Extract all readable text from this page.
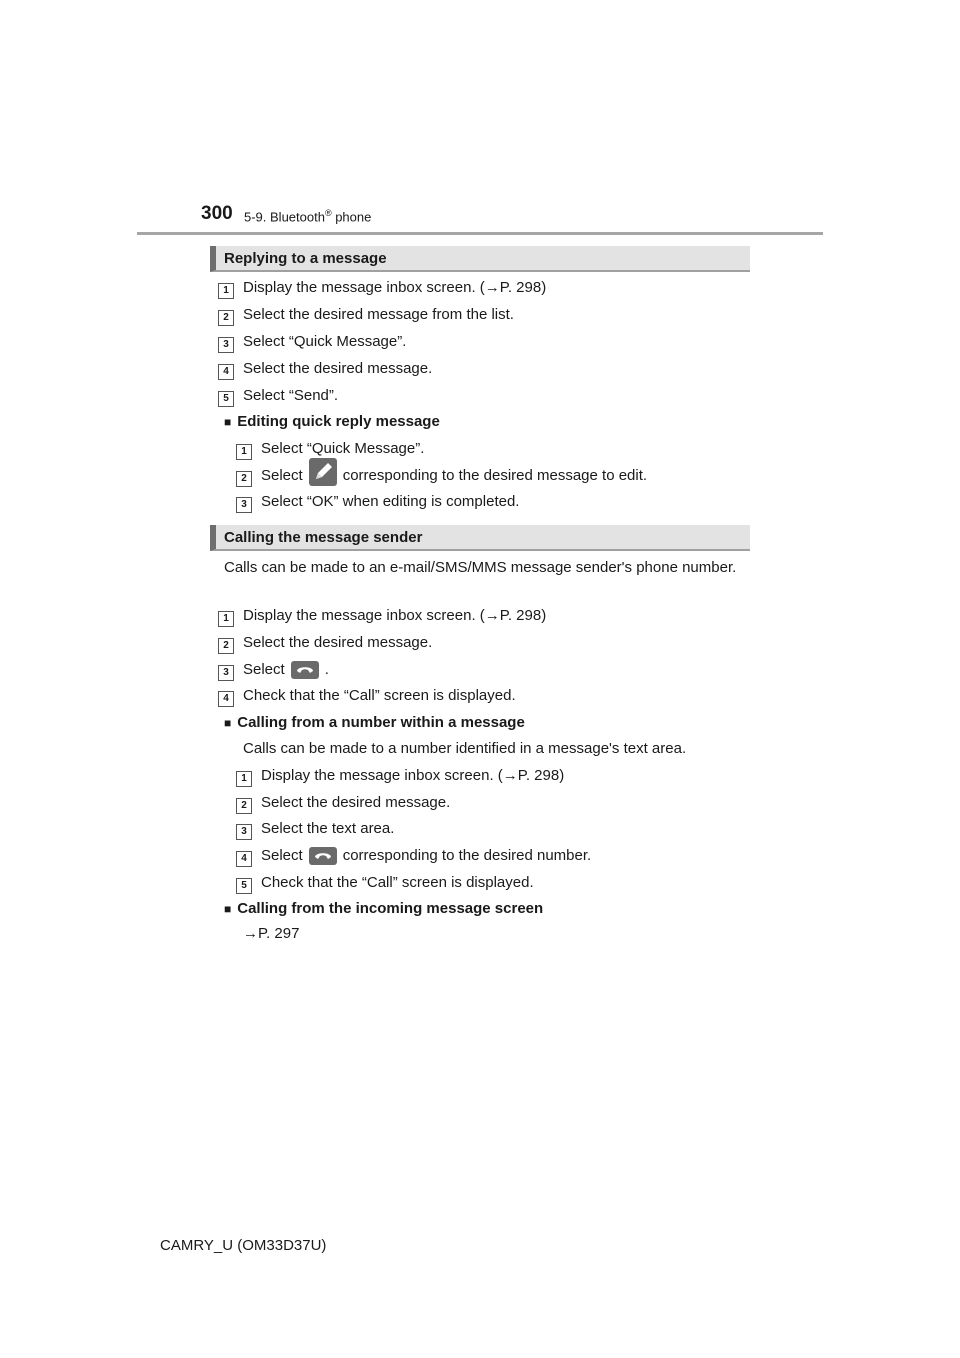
300 5-9. Bluetooth® phone
Replying to a message
1 Display the message inbox screen. (→P. 298)
2 Select the desired message from the list.
3 Select “Quick Message”.
4 Select the desired message.
5 Select “Send”.
■ Editing quick reply message
1 Select “Quick Message”.
2 Select	corresponding to the desired message to edit.
3 Select “OK” when editing is completed.
Calling the message sender
Calls can be made to an e-mail/SMS/MMS message sender's phone number.
1 Display the message inbox screen. (→P. 298)
2 Select the desired message.
3 Select	.
4 Check that the “Call” screen is displayed.
■ Calling from a number within a message
Calls can be made to a number identified in a message's text area.
1 Display the message inbox screen. (→P. 298)
2 Select the desired message.
3 Select the text area.
4 Select	corresponding to the desired number.
5 Check that the “Call” screen is displayed.
■ Calling from the incoming message screen
→P. 297
CAMRY_U (OM33D37U)
